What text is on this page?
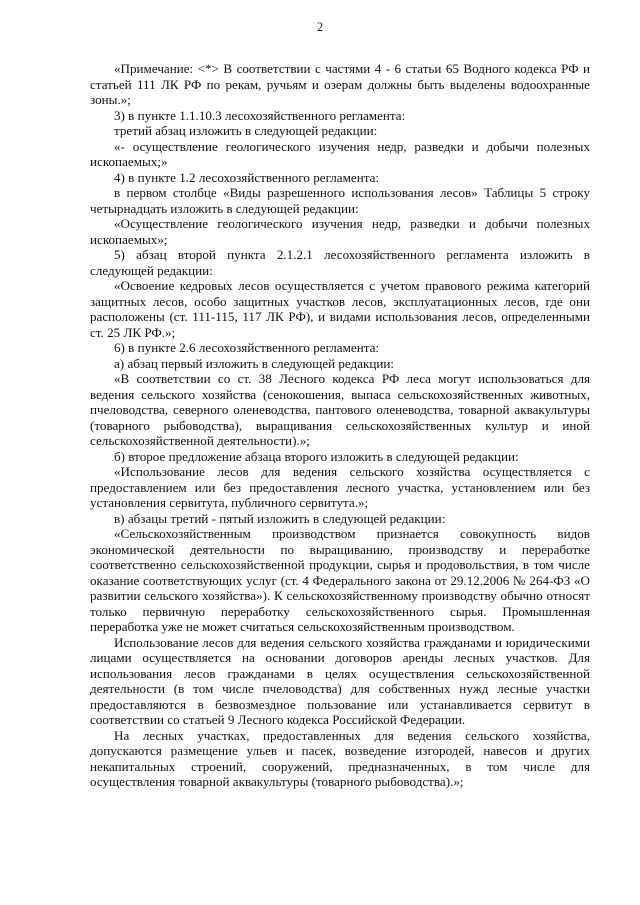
2

«Примечание: <*> В соответствии с частями 4 - 6 статьи 65 Водного кодекса РФ и статьей 111 ЛК РФ по рекам, ручьям и озерам должны быть выделены водоохранные зоны.»;

3) в пункте 1.1.10.3 лесохозяйственного регламента:

третий абзац изложить в следующей редакции:

«- осуществление геологического изучения недр, разведки и добычи полезных ископаемых;»

4) в пункте 1.2 лесохозяйственного регламента:

в первом столбце «Виды разрешенного использования лесов» Таблицы 5 строку четырнадцать изложить в следующей редакции:

«Осуществление геологического изучения недр, разведки и добычи полезных ископаемых»;

5) абзац второй пункта 2.1.2.1 лесохозяйственного регламента изложить в следующей редакции:

«Освоение кедровых лесов осуществляется с учетом правового режима категорий защитных лесов, особо защитных участков лесов, эксплуатационных лесов, где они расположены (ст. 111-115, 117 ЛК РФ), и видами использования лесов, определенными ст. 25 ЛК РФ.»;

6) в пункте 2.6 лесохозяйственного регламента:

а) абзац первый изложить в следующей редакции:

«В соответствии со ст. 38 Лесного кодекса РФ леса могут использоваться для ведения сельского хозяйства (сенокошения, выпаса сельскохозяйственных животных, пчеловодства, северного оленеводства, пантового оленеводства, товарной аквакультуры (товарного рыбоводства), выращивания сельскохозяйственных культур и иной сельскохозяйственной деятельности).»;

б) второе предложение абзаца второго изложить в следующей редакции:

«Использование лесов для ведения сельского хозяйства осуществляется с предоставлением или без предоставления лесного участка, установлением или без установления сервитута, публичного сервитута.»;

в) абзацы третий - пятый изложить в следующей редакции:

«Сельскохозяйственным производством признается совокупность видов экономической деятельности по выращиванию, производству и переработке соответственно сельскохозяйственной продукции, сырья и продовольствия, в том числе оказание соответствующих услуг (ст. 4 Федерального закона от 29.12.2006 № 264-ФЗ «О развитии сельского хозяйства»). К сельскохозяйственному производству обычно относят только первичную переработку сельскохозяйственного сырья. Промышленная переработка уже не может считаться сельскохозяйственным производством.

Использование лесов для ведения сельского хозяйства гражданами и юридическими лицами осуществляется на основании договоров аренды лесных участков. Для использования лесов гражданами в целях осуществления сельскохозяйственной деятельности (в том числе пчеловодства) для собственных нужд лесные участки предоставляются в безвозмездное пользование или устанавливается сервитут в соответствии со статьей 9 Лесного кодекса Российской Федерации.

На лесных участках, предоставленных для ведения сельского хозяйства, допускаются размещение ульев и пасек, возведение изгородей, навесов и других некапитальных строений, сооружений, предназначенных, в том числе для осуществления товарной аквакультуры (товарного рыбоводства).»;
